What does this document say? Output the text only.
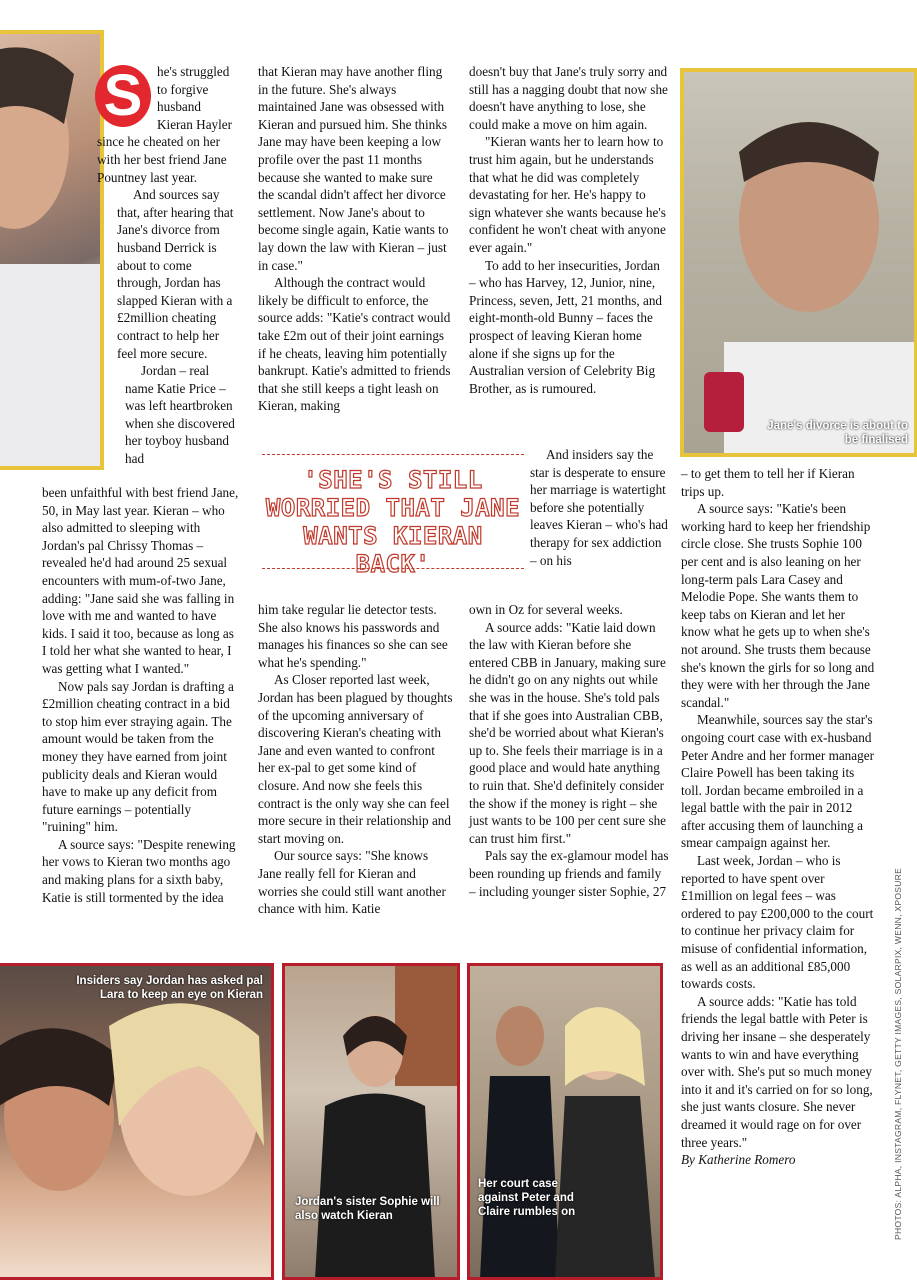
S	he's struggled to forgive husband Kieran Hayler since he cheated on her with her best friend Jane Pountney last year.

And sources say that, after hearing that Jane's divorce from husband Derrick is about to come through, Jordan has slapped Kieran with a £2million cheating contract to help her feel more secure.

Jordan – real name Katie Price – was left heartbroken when she discovered her toyboy husband had

been unfaithful with best friend Jane, 50, in May last year. Kieran – who also admitted to sleeping with Jordan's pal Chrissy Thomas – revealed he'd had around 25 sexual encounters with mum-of-two Jane, adding: "Jane said she was falling in love with me and wanted to have kids. I said it too, because as long as I told her what she wanted to hear, I was getting what I wanted."

Now pals say Jordan is drafting a £2million cheating contract in a bid to stop him ever straying again. The amount would be taken from the money they have earned from joint publicity deals and Kieran would have to make up any deficit from future earnings – potentially "ruining" him.

A source says: "Despite renewing her vows to Kieran two months ago and making plans for a sixth baby, Katie is still tormented by the idea

that Kieran may have another fling in the future. She's always maintained Jane was obsessed with Kieran and pursued him. She thinks Jane may have been keeping a low profile over the past 11 months because she wanted to make sure the scandal didn't affect her divorce settlement. Now Jane's about to become single again, Katie wants to lay down the law with Kieran – just in case."

Although the contract would likely be difficult to enforce, the source adds: "Katie's contract would take £2m out of their joint earnings if he cheats, leaving him potentially bankrupt. Katie's admitted to friends that she still keeps a tight leash on Kieran, making

'SHE'S STILL WORRIED THAT JANE WANTS KIERAN BACK'

him take regular lie detector tests. She also knows his passwords and manages his finances so she can see what he's spending."

As Closer reported last week, Jordan has been plagued by thoughts of the upcoming anniversary of discovering Kieran's cheating with Jane and even wanted to confront her ex-pal to get some kind of closure. And now she feels this contract is the only way she can feel more secure in their relationship and start moving on.

Our source says: "She knows Jane really fell for Kieran and worries she could still want another chance with him. Katie

doesn't buy that Jane's truly sorry and still has a nagging doubt that now she doesn't have anything to lose, she could make a move on him again.

"Kieran wants her to learn how to trust him again, but he understands that what he did was completely devastating for her. He's happy to sign whatever she wants because he's confident he won't cheat with anyone ever again."

To add to her insecurities, Jordan – who has Harvey, 12, Junior, nine, Princess, seven, Jett, 21 months, and eight-month-old Bunny – faces the prospect of leaving Kieran home alone if she signs up for the Australian version of Celebrity Big Brother, as is rumoured.

And insiders say the star is desperate to ensure her marriage is watertight before she potentially leaves Kieran – who's had therapy for sex addiction – on his

own in Oz for several weeks.

A source adds: "Katie laid down the law with Kieran before she entered CBB in January, making sure he didn't go on any nights out while she was in the house. She's told pals that if she goes into Australian CBB, she'd be worried about what Kieran's up to. She feels their marriage is in a good place and would hate anything to ruin that. She'd definitely consider the show if the money is right – she just wants to be 100 per cent sure she can trust him first."

Pals say the ex-glamour model has been rounding up friends and family – including younger sister Sophie, 27

Jane's divorce is about to be finalised

– to get them to tell her if Kieran trips up.

A source says: "Katie's been working hard to keep her friendship circle close. She trusts Sophie 100 per cent and is also leaning on her long-term pals Lara Casey and Melodie Pope. She wants them to keep tabs on Kieran and let her know what he gets up to when she's not around. She trusts them because she's known the girls for so long and they were with her through the Jane scandal."

Meanwhile, sources say the star's ongoing court case with ex-husband Peter Andre and her former manager Claire Powell has been taking its toll. Jordan became embroiled in a legal battle with the pair in 2012 after accusing them of launching a smear campaign against her.

Last week, Jordan – who is reported to have spent over £1million on legal fees – was ordered to pay £200,000 to the court to continue her privacy claim for misuse of confidential information, as well as an additional £85,000 towards costs.

A source adds: "Katie has told friends the legal battle with Peter is driving her insane – she desperately wants to win and have everything over with. She's put so much money into it and it's carried on for so long, she just wants closure. She never dreamed it would rage on for over three years."

By Katherine Romero	PHOTOS: ALPHA, INSTAGRAM, FLYNET, GETTY IMAGES, SOLARPIX, WENN, XPOSURE
Insiders say Jordan has asked pal Lara to keep an eye on Kieran
Jordan's sister Sophie will also watch Kieran
Her court case against Peter and Claire rumbles on
